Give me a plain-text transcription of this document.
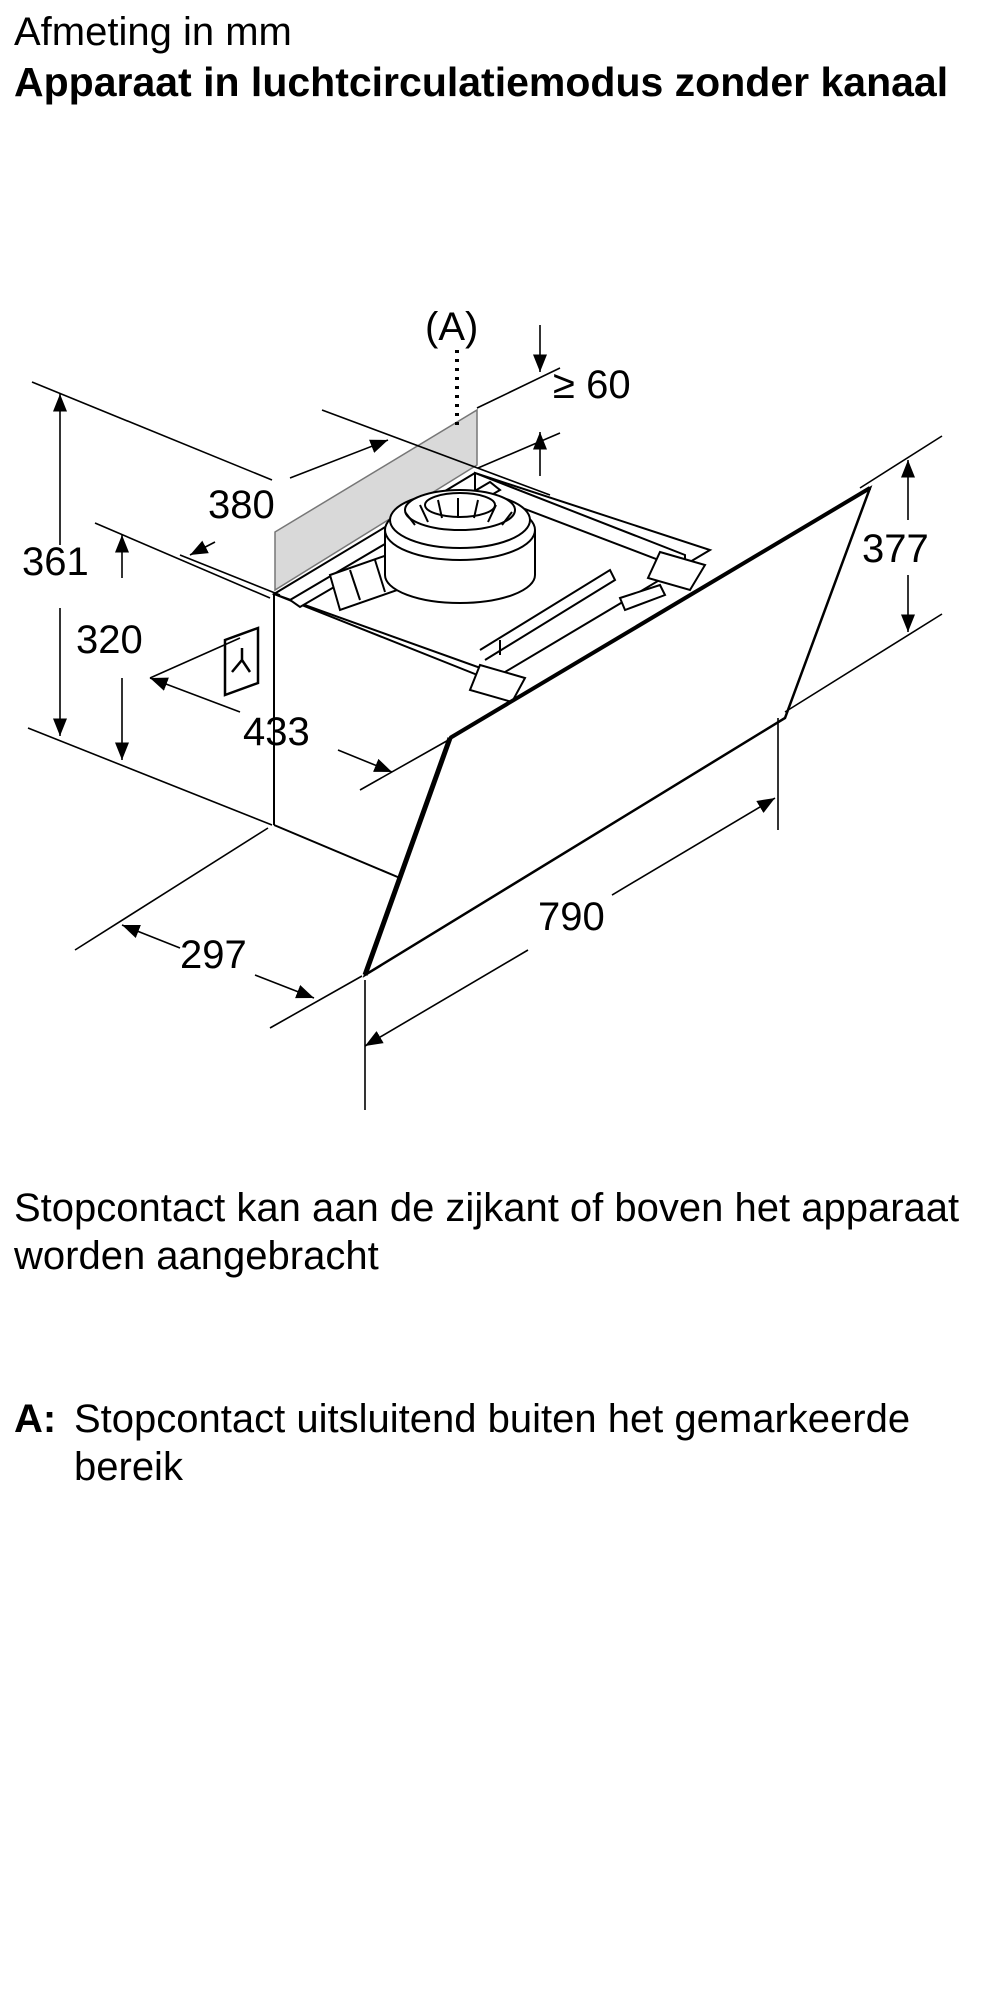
Afmeting in mm
Apparaat in luchtcirculatiemodus zonder kanaal
(A)
≥ 60
380
361
320
433
297
790
377
Stopcontact kan aan de zijkant of boven het apparaat worden aangebracht
A: Stopcontact uitsluitend buiten het gemarkeerde bereik
